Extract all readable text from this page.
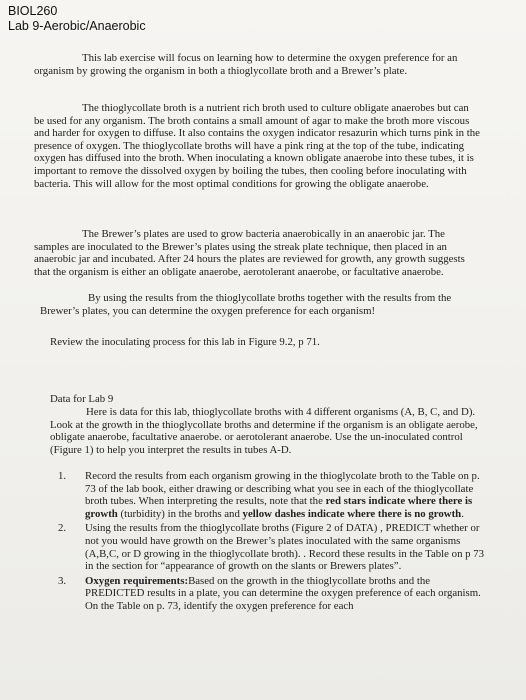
BIOL260
Lab 9-Aerobic/Anaerobic

This lab exercise will focus on learning how to determine the oxygen preference for an organism by growing the organism in both a thioglycollate broth and a Brewer’s plate.

The thioglycollate broth is a nutrient rich broth used to culture obligate anaerobes but can be used for any organism. The broth contains a small amount of agar to make the broth more viscous and harder for oxygen to diffuse. It also contains the oxygen indicator resazurin which turns pink in the presence of oxygen. The thioglycollate broths will have a pink ring at the top of the tube, indicating oxygen has diffused into the broth. When inoculating a known obligate anaerobe into these tubes, it is important to remove the dissolved oxygen by boiling the tubes, then cooling before inoculating with bacteria. This will allow for the most optimal conditions for growing the obligate anaerobe.

The Brewer’s plates are used to grow bacteria anaerobically in an anaerobic jar. The samples are inoculated to the Brewer’s plates using the streak plate technique, then placed in an anaerobic jar and incubated. After 24 hours the plates are reviewed for growth, any growth suggests that the organism is either an obligate anaerobe, aerotolerant anaerobe, or facultative anaerobe.

By using the results from the thioglycollate broths together with the results from the Brewer’s plates, you can determine the oxygen preference for each organism!

Review the inoculating process for this lab in Figure 9.2, p 71.

Data for Lab 9

Here is data for this lab, thioglycollate broths with 4 different organisms (A, B, C, and D). Look at the growth in the thioglycollate broths and determine if the organism is an obligate aerobe, obligate anaerobe, facultative anaerobe. or aerotolerant anaerobe. Use the un-inoculated control (Figure 1) to help you interpret the results in tubes A-D.

1. Record the results from each organism growing in the thioglycolate broth to the Table on p. 73 of the lab book, either drawing or describing what you see in each of the thioglycollate broth tubes. When interpreting the results, note that the red stars indicate where there is growth (turbidity) in the broths and yellow dashes indicate where there is no growth.
2. Using the results from the thioglycollate broths (Figure 2 of DATA) , PREDICT whether or not you would have growth on the Brewer’s plates inoculated with the same organisms (A,B,C, or D growing in the thioglycollate broth). . Record these results in the Table on p 73 in the section for “appearance of growth on the slants or Brewers plates”.
3. Oxygen requirements:Based on the growth in the thioglycollate broths and the PREDICTED results in a plate, you can determine the oxygen preference of each organism. On the Table on p. 73, identify the oxygen preference for each
